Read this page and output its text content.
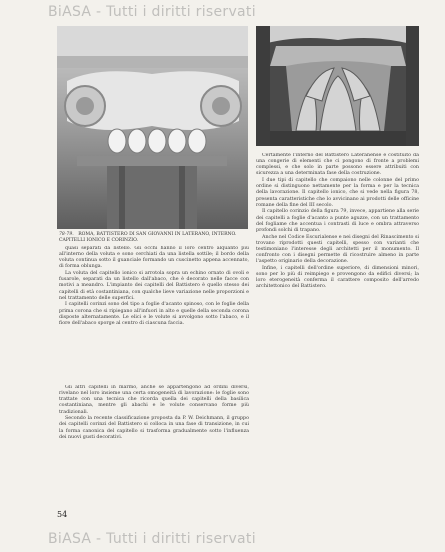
BiASA - Tutti i diritti riservati
78-79. ROMA, BATTISTERO DI SAN GIOVANNI IN LATERANO, INTERNO. CAPITELLI IONICO E CORINZIO.

quasi separati da listello. Gli occhi hanno il loro centro alquanto più all'interno della voluta e sono cerchiati da una listella sottile; il bordo della voluta continua sotto il guanciale formando un cuscinetto appena accennato, di forma oblunga.

La voluta del capitello ionico si arrotola sopra un echino ornato di ovoli e fusarole, separati da un listello dall'abaco, che è decorato nelle facce con motivi a meandro. L'impianto dei capitelli del Battistero è quello stesso dei capitelli di età costantiniana, con qualche lieve variazione nelle proporzioni e nel trattamento delle superfici.

I capitelli corinzi sono del tipo a foglie d'acanto spinoso, con le foglie della prima corona che si ripiegano all'infuori in alto e quelle della seconda corona disposte alternatamente. Le elici e le volute si avvolgono sotto l'abaco, e il fiore dell'abaco sporge al centro di ciascuna faccia.

Certamente l'interno del Battistero Lateranense è costituito da una congerie di elementi che ci pongono di fronte a problemi complessi, e che solo in parte possono essere attribuiti con sicurezza a una determinata fase della costruzione.

I due tipi di capitello che compaiono nelle colonne del primo ordine si distinguono nettamente per la forma e per la tecnica della lavorazione. Il capitello ionico, che si vede nella figura 78, presenta caratteristiche che lo avvicinano ai prodotti delle officine romane della fine del III secolo.

Il capitello corinzio della figura 79, invece, appartiene alla serie dei capitelli a foglie d'acanto a punte aguzze, con un trattamento del fogliame che accentua i contrasti di luce e ombra attraverso profondi solchi di trapano.

Anche nel Codice Escurialense e nei disegni del Rinascimento si trovano riprodotti questi capitelli, spesso con varianti che testimoniano l'interesse degli architetti per il monumento. Il confronto con i disegni permette di ricostruire almeno in parte l'aspetto originario della decorazione.

Infine, i capitelli dell'ordine superiore, di dimensioni minori, sono per lo più di reimpiego e provengono da edifici diversi; la loro eterogeneità conferma il carattere composito dell'arredo architettonico del Battistero.

Gli altri capitelli in marmo, anche se appartengono ad ordini diversi, rivelano nel loro insieme una certa omogeneità di lavorazione: le foglie sono trattate con una tecnica che ricorda quella dei capitelli della basilica costantiniana, mentre gli abachi e le volute conservano forme più tradizionali.

Secondo la recente classificazione proposta da P. W. Deichmann, il gruppo dei capitelli corinzi del Battistero si colloca in una fase di transizione, in cui la forma canonica del capitello si trasforma gradualmente sotto l'influenza dei nuovi gusti decorativi.

54
BiASA - Tutti i diritti riservati
